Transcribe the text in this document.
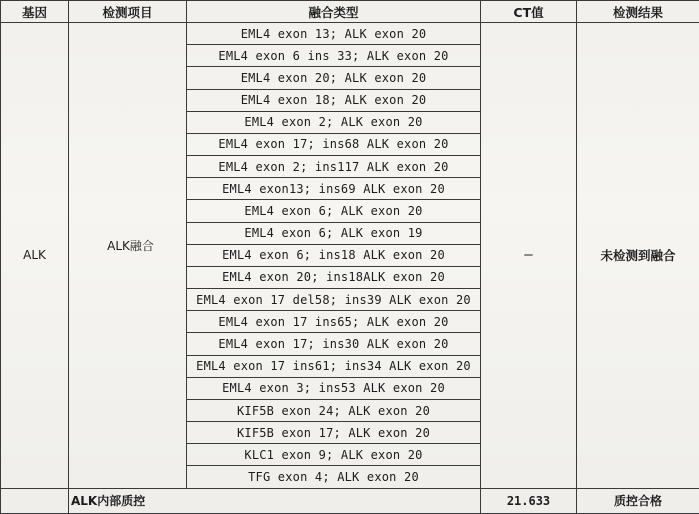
基因	检测项目	融合类型	CT值	检测结果
ALK	ALK融合	EML4 exon 13; ALK exon 20	—	未检测到融合
		EML4 exon 6 ins 33; ALK exon 20		
		EML4 exon 20; ALK exon 20		
		EML4 exon 18; ALK exon 20		
		EML4 exon 2; ALK exon 20		
		EML4 exon 17; ins68 ALK exon 20		
		EML4 exon 2; ins117 ALK exon 20		
		EML4 exon13; ins69 ALK exon 20		
		EML4 exon 6; ALK exon 20		
		EML4 exon 6; ALK exon 19		
		EML4 exon 6; ins18 ALK exon 20		
		EML4 exon 20; ins18ALK exon 20		
		EML4 exon 17 del58; ins39 ALK exon 20		
		EML4 exon 17 ins65; ALK exon 20		
		EML4 exon 17; ins30 ALK exon 20		
		EML4 exon 17 ins61; ins34 ALK exon 20		
		EML4 exon 3; ins53 ALK exon 20		
		KIF5B exon 24; ALK exon 20		
		KIF5B exon 17; ALK exon 20		
		KLC1 exon 9; ALK exon 20		
		TFG exon 4; ALK exon 20		
	ALK内部质控		21.633	质控合格
